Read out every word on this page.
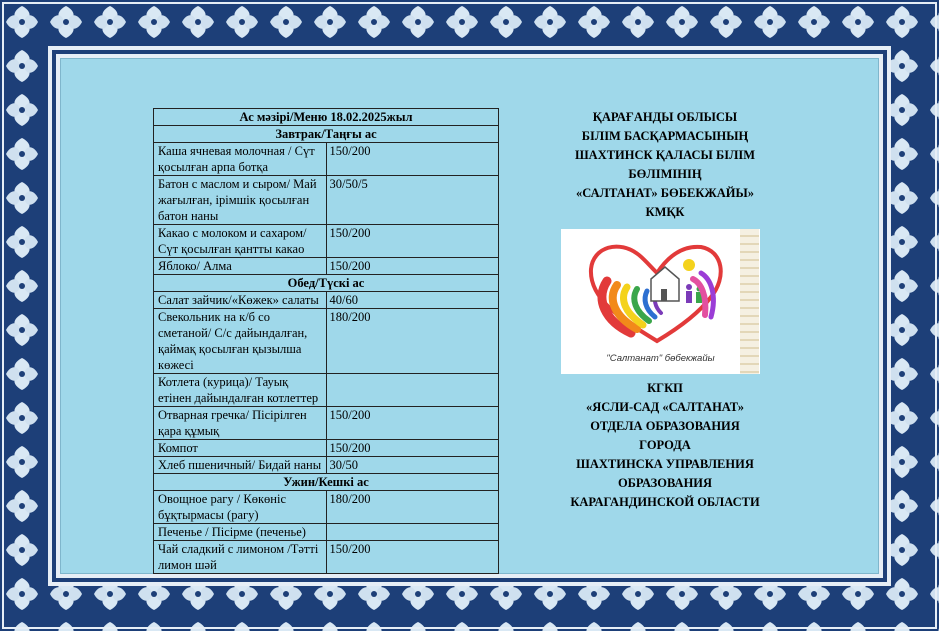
Ас мәзірі/Меню 18.02.2025жыл	
Завтрак/Таңғы ас	
Каша ячневая молочная / Сүт қосылған арпа ботқа	150/200
Батон с маслом и сыром/ Май жағылған, ірімшік қосылған батон наны	30/50/5
Какао с молоком и сахаром/ Сүт қосылған қантты какао	150/200
Яблоко/ Алма	150/200
Обед/Түскі ас	
Салат зайчик/«Көжек» салаты	40/60
Свекольник на к/б со сметаной/ С/с дайындалған, қаймақ қосылған қызылша көжесі	180/200
Котлета (курица)/ Тауық етінен дайындалған котлеттер	
Отварная гречка/ Пісірілген қара құмық	150/200
Компот	150/200
Хлеб пшеничный/ Бидай наны	30/50
Ужин/Кешкі ас	
Овощное рагу / Көкөніс бұқтырмасы (рагу)	180/200
Печенье / Пісірме (печенье)	
Чай сладкий с лимоном /Тәтті лимон шәй	150/200
ҚАРАҒАНДЫ ОБЛЫСЫ
БІЛІМ БАСҚАРМАСЫНЫҢ
ШАХТИНСК ҚАЛАСЫ БІЛІМ
БӨЛІМІНІҢ
«САЛТАНАТ» БӨБЕКЖАЙЫ»
КМҚК
"Салтанат" бөбекжайы
КГКП
«ЯСЛИ-САД «САЛТАНАТ»
ОТДЕЛА ОБРАЗОВАНИЯ
ГОРОДА
ШАХТИНСКА УПРАВЛЕНИЯ
ОБРАЗОВАНИЯ
КАРАГАНДИНСКОЙ ОБЛАСТИ
